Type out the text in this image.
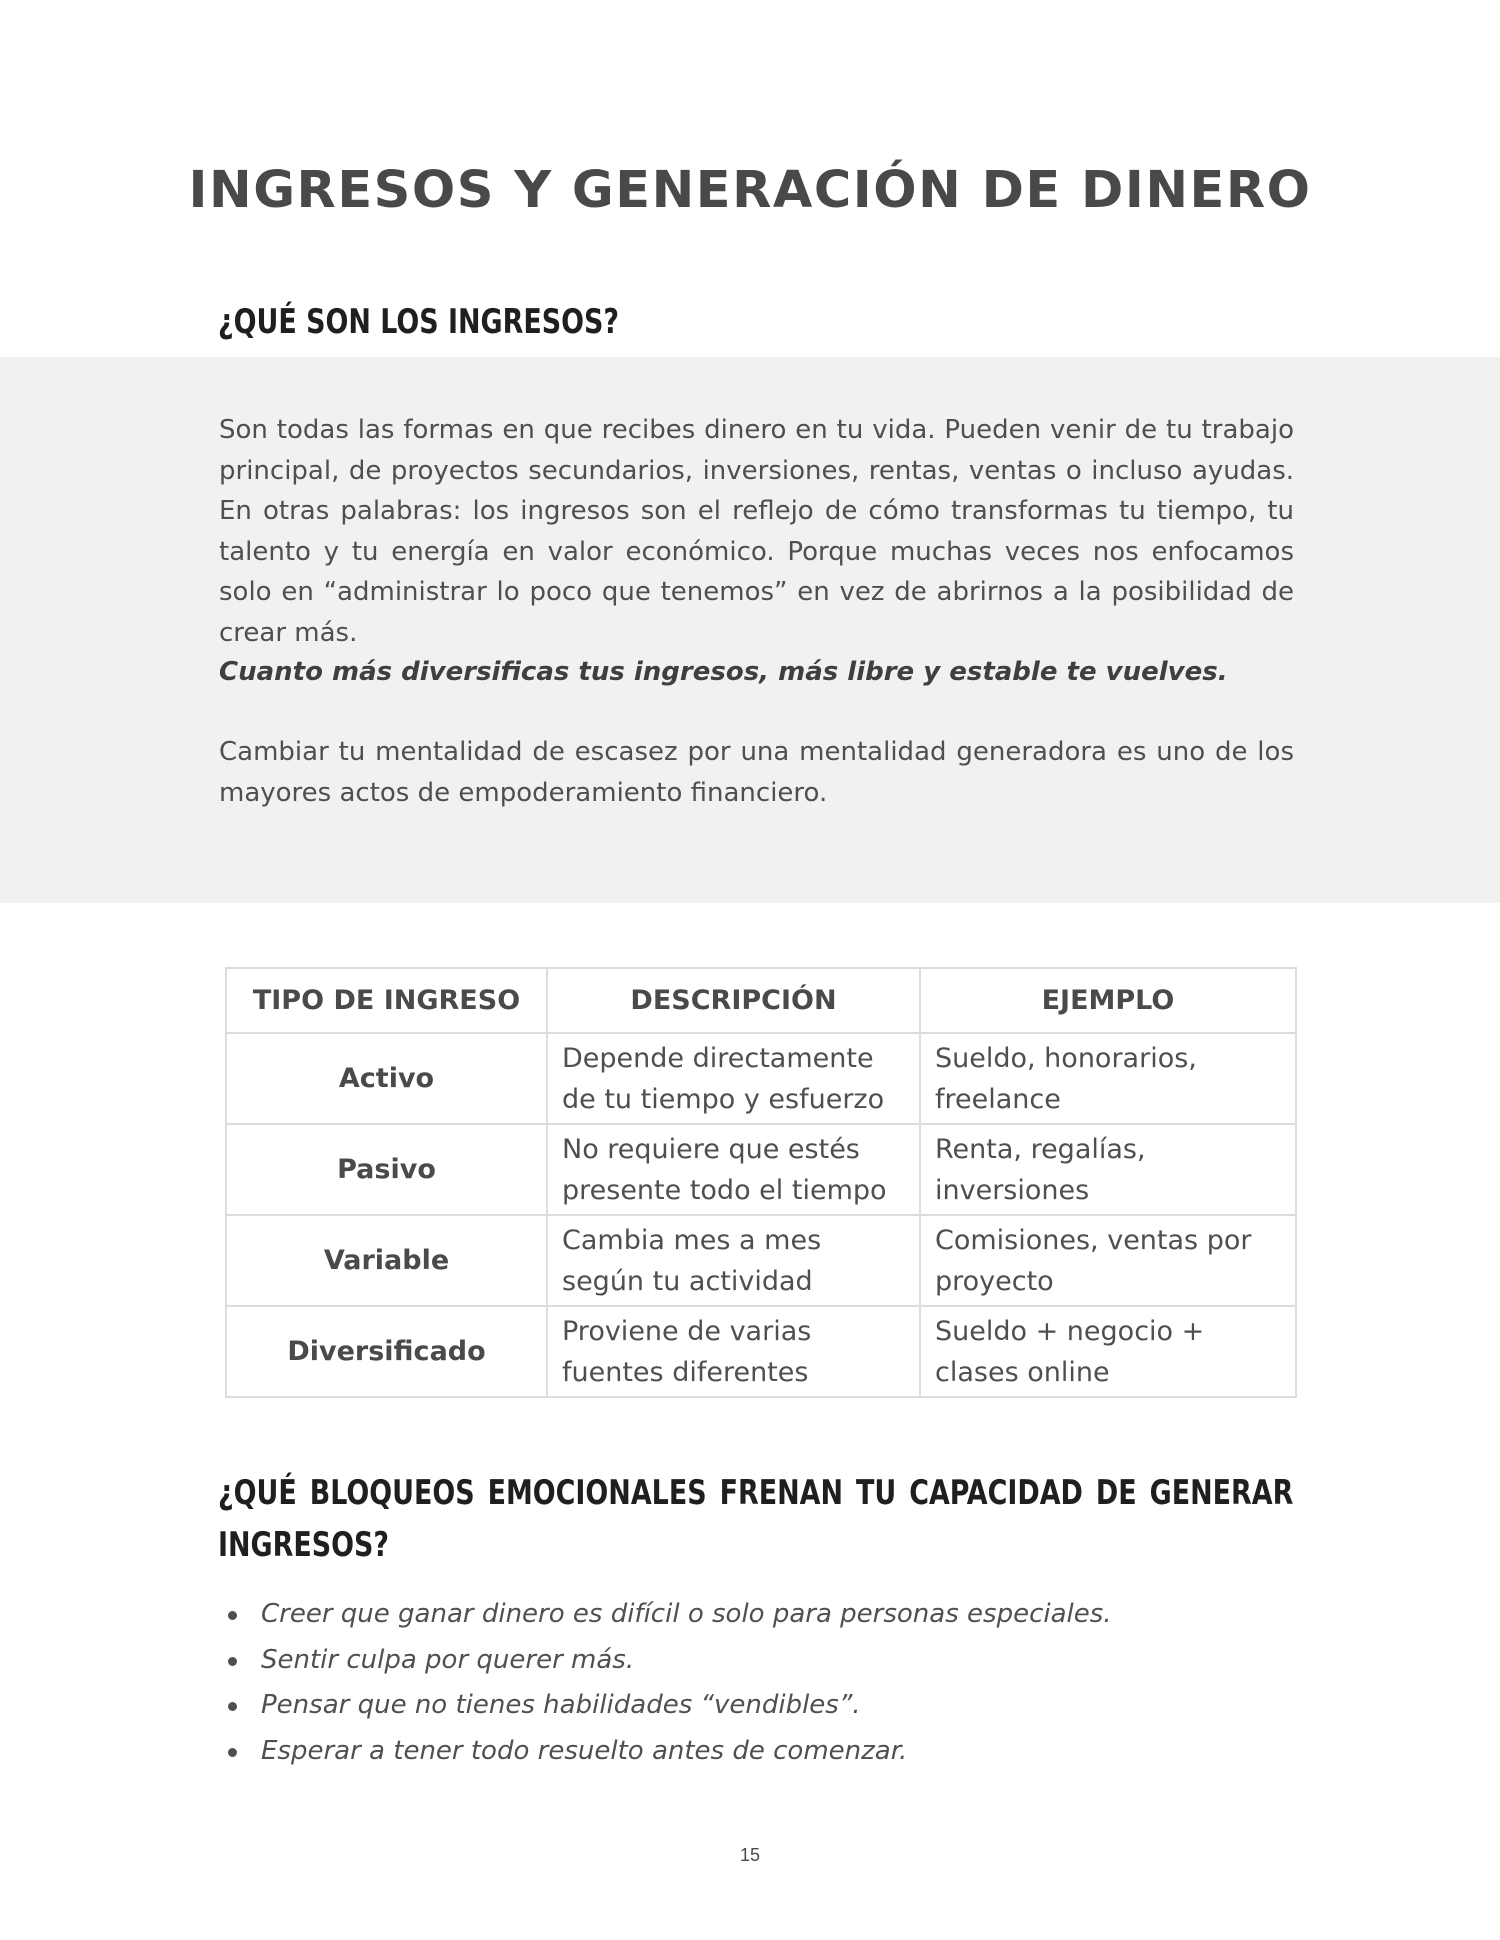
INGRESOS Y GENERACIÓN DE DINERO
¿QUÉ SON LOS INGRESOS?

Son todas las formas en que recibes dinero en tu vida. Pueden venir de tu trabajo principal, de proyectos secundarios, inversiones, rentas, ventas o incluso ayudas. En otras palabras: los ingresos son el reflejo de cómo transformas tu tiempo, tu talento y tu energía en valor económico. Porque muchas veces nos enfocamos solo en “administrar lo poco que tenemos” en vez de abrirnos a la posibilidad de crear más.

Cuanto más diversificas tus ingresos, más libre y estable te vuelves.

Cambiar tu mentalidad de escasez por una mentalidad generadora es uno de los mayores actos de empoderamiento financiero.

TIPO DE INGRESO	DESCRIPCIÓN	EJEMPLO
Activo	Depende directamente de tu tiempo y esfuerzo	Sueldo, honorarios, freelance
Pasivo	No requiere que estés presente todo el tiempo	Renta, regalías, inversiones
Variable	Cambia mes a mes según tu actividad	Comisiones, ventas por proyecto
Diversificado	Proviene de varias fuentes diferentes	Sueldo + negocio + clases online
¿QUÉ BLOQUEOS EMOCIONALES FRENAN TU CAPACIDAD DE GENERAR INGRESOS?
Creer que ganar dinero es difícil o solo para personas especiales.
Sentir culpa por querer más.
Pensar que no tienes habilidades “vendibles”.
Esperar a tener todo resuelto antes de comenzar.
15
